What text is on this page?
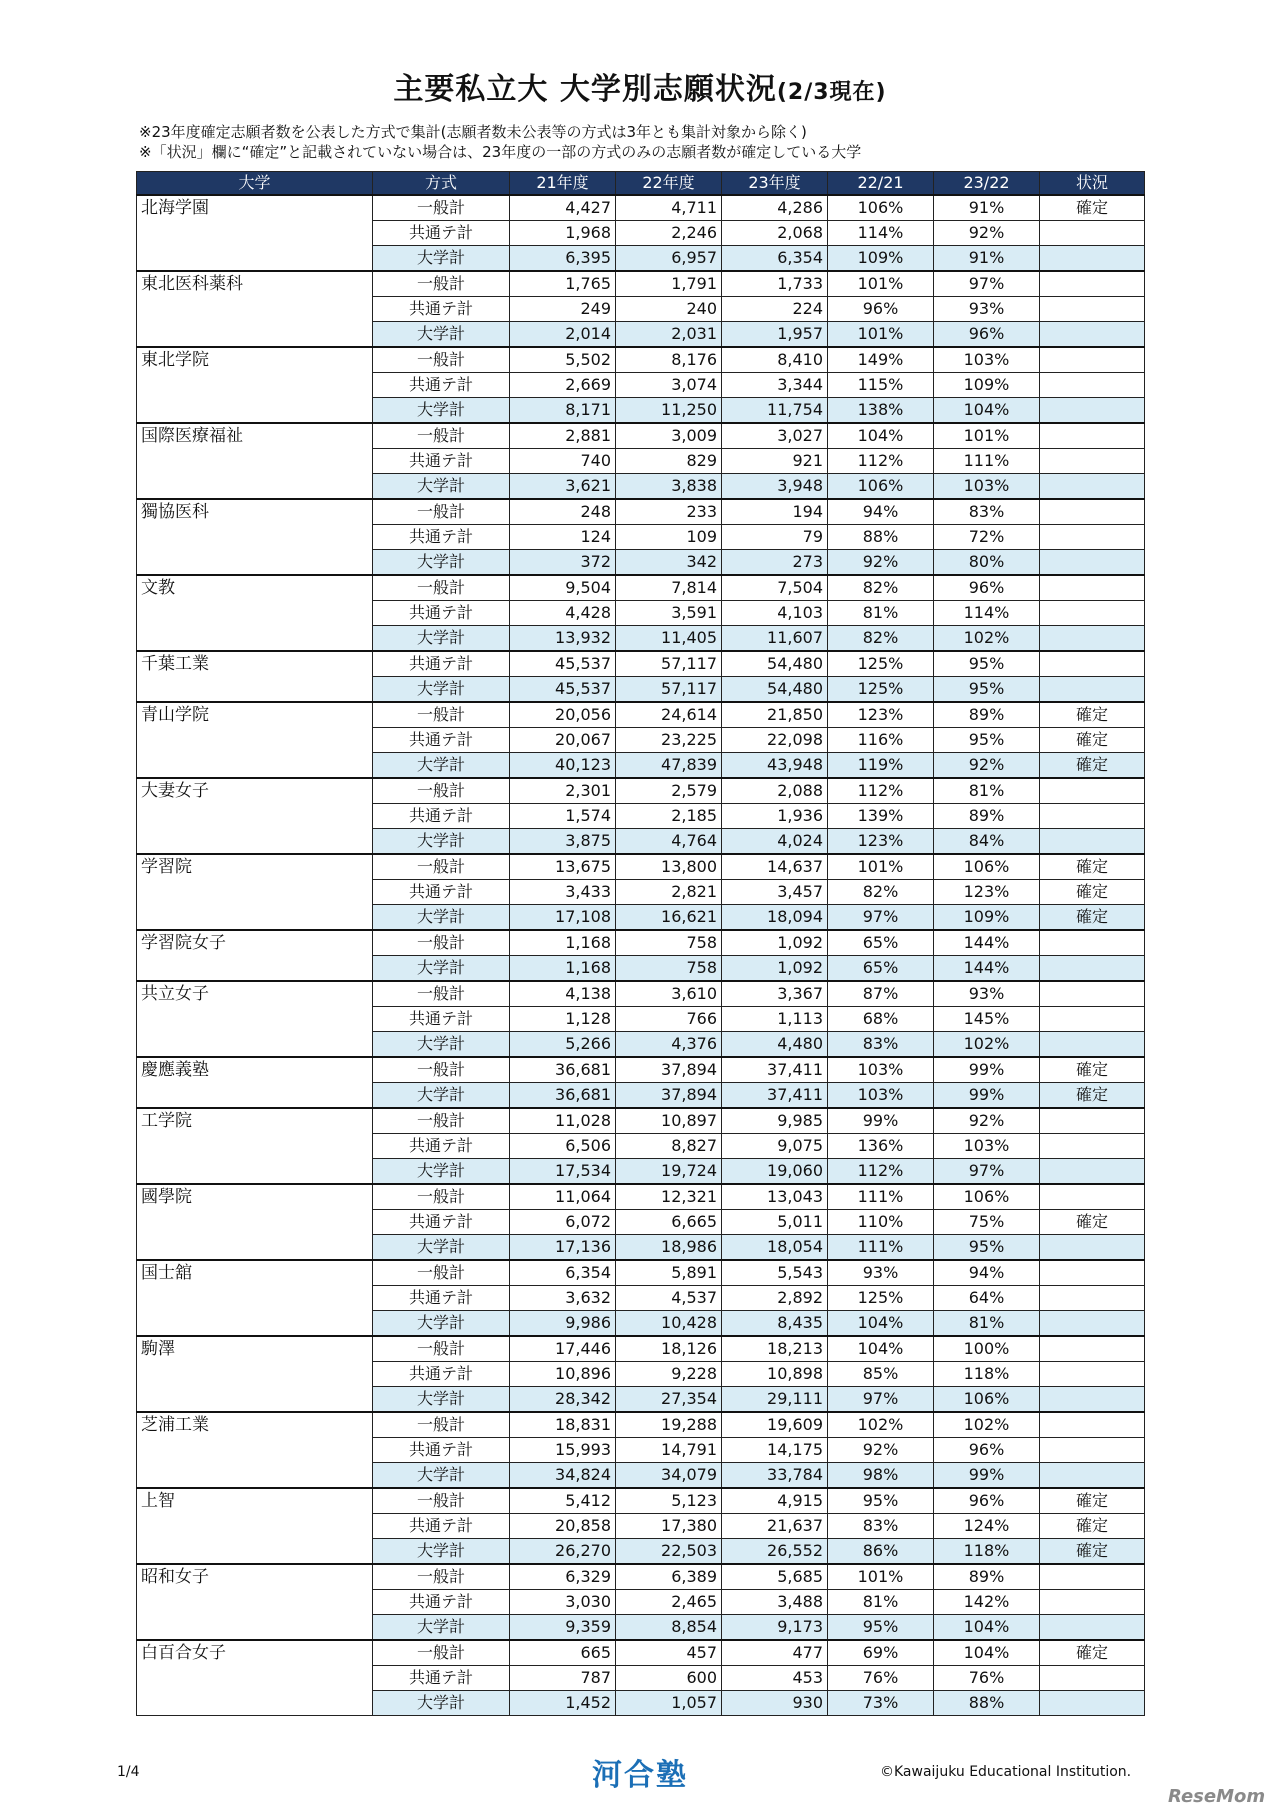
主要私立大 大学別志願状況(2/3現在)
※23年度確定志願者数を公表した方式で集計(志願者数未公表等の方式は3年とも集計対象から除く)
※「状況」欄に“確定”と記載されていない場合は、23年度の一部の方式のみの志願者数が確定している大学
大学	方式	21年度	22年度	23年度	22/21	23/22	状況
北海学園	一般計	4,427	4,711	4,286	106%	91%	確定
	共通テ計	1,968	2,246	2,068	114%	92%	
	大学計	6,395	6,957	6,354	109%	91%	
東北医科薬科	一般計	1,765	1,791	1,733	101%	97%	
	共通テ計	249	240	224	96%	93%	
	大学計	2,014	2,031	1,957	101%	96%	
東北学院	一般計	5,502	8,176	8,410	149%	103%	
	共通テ計	2,669	3,074	3,344	115%	109%	
	大学計	8,171	11,250	11,754	138%	104%	
国際医療福祉	一般計	2,881	3,009	3,027	104%	101%	
	共通テ計	740	829	921	112%	111%	
	大学計	3,621	3,838	3,948	106%	103%	
獨協医科	一般計	248	233	194	94%	83%	
	共通テ計	124	109	79	88%	72%	
	大学計	372	342	273	92%	80%	
文教	一般計	9,504	7,814	7,504	82%	96%	
	共通テ計	4,428	3,591	4,103	81%	114%	
	大学計	13,932	11,405	11,607	82%	102%	
千葉工業	共通テ計	45,537	57,117	54,480	125%	95%	
	大学計	45,537	57,117	54,480	125%	95%	
青山学院	一般計	20,056	24,614	21,850	123%	89%	確定
	共通テ計	20,067	23,225	22,098	116%	95%	確定
	大学計	40,123	47,839	43,948	119%	92%	確定
大妻女子	一般計	2,301	2,579	2,088	112%	81%	
	共通テ計	1,574	2,185	1,936	139%	89%	
	大学計	3,875	4,764	4,024	123%	84%	
学習院	一般計	13,675	13,800	14,637	101%	106%	確定
	共通テ計	3,433	2,821	3,457	82%	123%	確定
	大学計	17,108	16,621	18,094	97%	109%	確定
学習院女子	一般計	1,168	758	1,092	65%	144%	
	大学計	1,168	758	1,092	65%	144%	
共立女子	一般計	4,138	3,610	3,367	87%	93%	
	共通テ計	1,128	766	1,113	68%	145%	
	大学計	5,266	4,376	4,480	83%	102%	
慶應義塾	一般計	36,681	37,894	37,411	103%	99%	確定
	大学計	36,681	37,894	37,411	103%	99%	確定
工学院	一般計	11,028	10,897	9,985	99%	92%	
	共通テ計	6,506	8,827	9,075	136%	103%	
	大学計	17,534	19,724	19,060	112%	97%	
國學院	一般計	11,064	12,321	13,043	111%	106%	
	共通テ計	6,072	6,665	5,011	110%	75%	確定
	大学計	17,136	18,986	18,054	111%	95%	
国士舘	一般計	6,354	5,891	5,543	93%	94%	
	共通テ計	3,632	4,537	2,892	125%	64%	
	大学計	9,986	10,428	8,435	104%	81%	
駒澤	一般計	17,446	18,126	18,213	104%	100%	
	共通テ計	10,896	9,228	10,898	85%	118%	
	大学計	28,342	27,354	29,111	97%	106%	
芝浦工業	一般計	18,831	19,288	19,609	102%	102%	
	共通テ計	15,993	14,791	14,175	92%	96%	
	大学計	34,824	34,079	33,784	98%	99%	
上智	一般計	5,412	5,123	4,915	95%	96%	確定
	共通テ計	20,858	17,380	21,637	83%	124%	確定
	大学計	26,270	22,503	26,552	86%	118%	確定
昭和女子	一般計	6,329	6,389	5,685	101%	89%	
	共通テ計	3,030	2,465	3,488	81%	142%	
	大学計	9,359	8,854	9,173	95%	104%	
白百合女子	一般計	665	457	477	69%	104%	確定
	共通テ計	787	600	453	76%	76%	
	大学計	1,452	1,057	930	73%	88%	
1/4	河合塾	©Kawaijuku Educational Institution.
ReseMom
